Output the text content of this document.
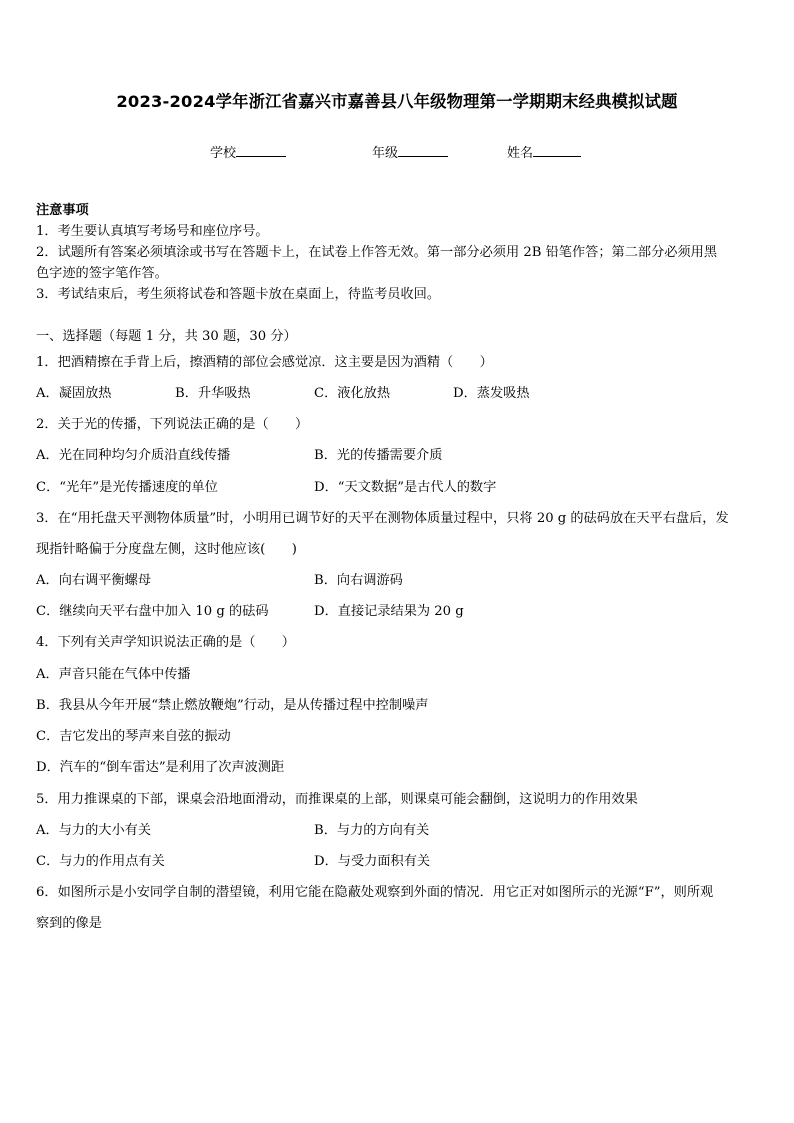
2023-2024学年浙江省嘉兴市嘉善县八年级物理第一学期期末经典模拟试题
学校	年级	姓名
注意事项
1．考生要认真填写考场号和座位序号。
2．试题所有答案必须填涂或书写在答题卡上，在试卷上作答无效。第一部分必须用 2B 铅笔作答；第二部分必须用黑
色字迹的签字笔作答。
3．考试结束后，考生须将试卷和答题卡放在桌面上，待监考员收回。
一、选择题（每题 1 分，共 30 题，30 分）
1．把酒精擦在手背上后，擦酒精的部位会感觉凉．这主要是因为酒精（　　）
A．凝固放热	B．升华吸热	C．液化放热	D．蒸发吸热
2．关于光的传播，下列说法正确的是（　　）
A．光在同种均匀介质沿直线传播	B．光的传播需要介质
C．“光年”是光传播速度的单位	D．“天文数据”是古代人的数字
3．在“用托盘天平测物体质量”时，小明用已调节好的天平在测物体质量过程中，只将 20 g 的砝码放在天平右盘后，发
现指针略偏于分度盘左侧，这时他应该(　　)
A．向右调平衡螺母	B．向右调游码
C．继续向天平右盘中加入 10 g 的砝码	D．直接记录结果为 20 g
4．下列有关声学知识说法正确的是（　　）
A．声音只能在气体中传播
B．我县从今年开展“禁止燃放鞭炮”行动，是从传播过程中控制噪声
C．吉它发出的琴声来自弦的振动
D．汽车的“倒车雷达”是利用了次声波测距
5．用力推课桌的下部，课桌会沿地面滑动，而推课桌的上部，则课桌可能会翻倒，这说明力的作用效果
A．与力的大小有关	B．与力的方向有关
C．与力的作用点有关	D．与受力面积有关
6．如图所示是小安同学自制的潜望镜，利用它能在隐蔽处观察到外面的情况．用它正对如图所示的光源“F”，则所观
察到的像是
